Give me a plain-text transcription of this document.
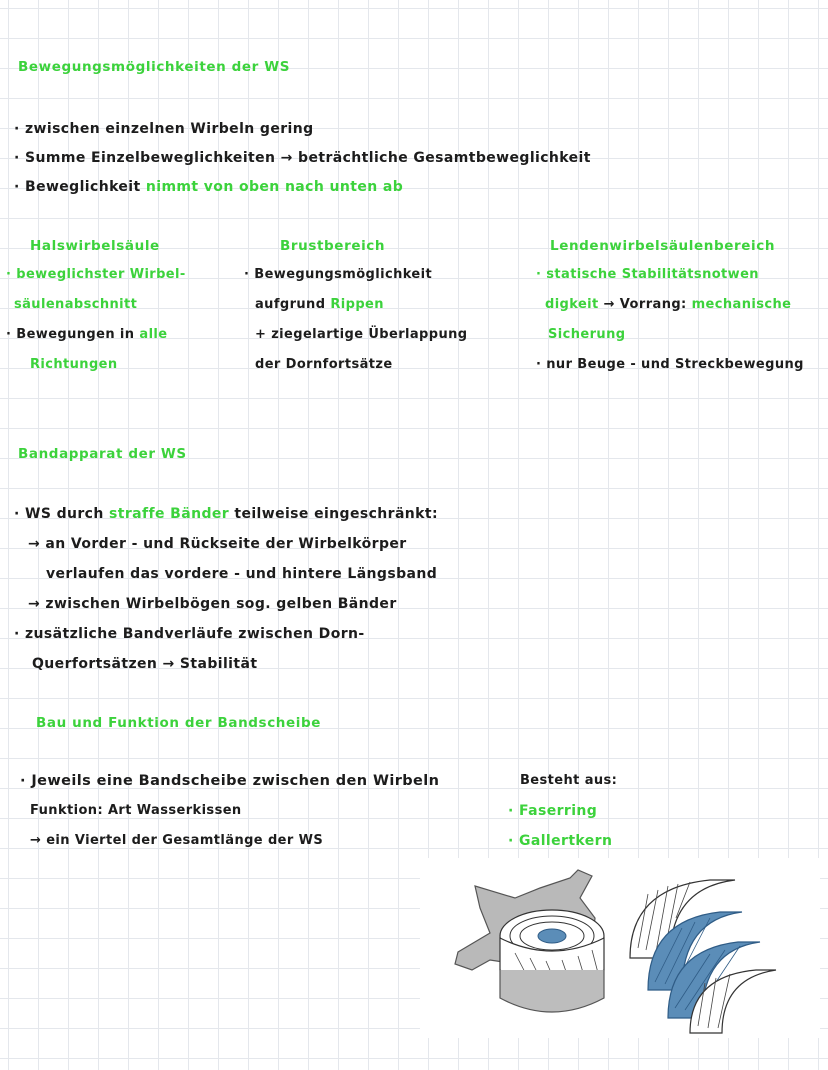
Bewegungsmöglichkeiten der WS
· zwischen einzelnen Wirbeln gering
· Summe Einzelbeweglichkeiten → beträchtliche Gesamtbeweglichkeit
· Beweglichkeit nimmt von oben nach unten ab
Halswirbelsäule
· beweglichster Wirbel-
säulenabschnitt
· Bewegungen in alle
Richtungen
Brustbereich
· Bewegungsmöglichkeit
aufgrund Rippen
+ ziegelartige Überlappung
der Dornfortsätze
Lendenwirbelsäulenbereich
· statische Stabilitätsnotwen
digkeit → Vorrang: mechanische
Sicherung
· nur Beuge - und Streckbewegung
Bandapparat der WS
· WS durch straffe Bänder teilweise eingeschränkt:
→ an Vorder - und Rückseite der Wirbelkörper
verlaufen das vordere - und hintere Längsband
→ zwischen Wirbelbögen sog. gelben Bänder
· zusätzliche Bandverläufe zwischen Dorn-
Querfortsätzen → Stabilität
Bau und Funktion der Bandscheibe
· Jeweils eine Bandscheibe zwischen den Wirbeln
Funktion: Art Wasserkissen
→ ein Viertel der Gesamtlänge der WS
Besteht aus:
· Faserring
· Gallertkern
